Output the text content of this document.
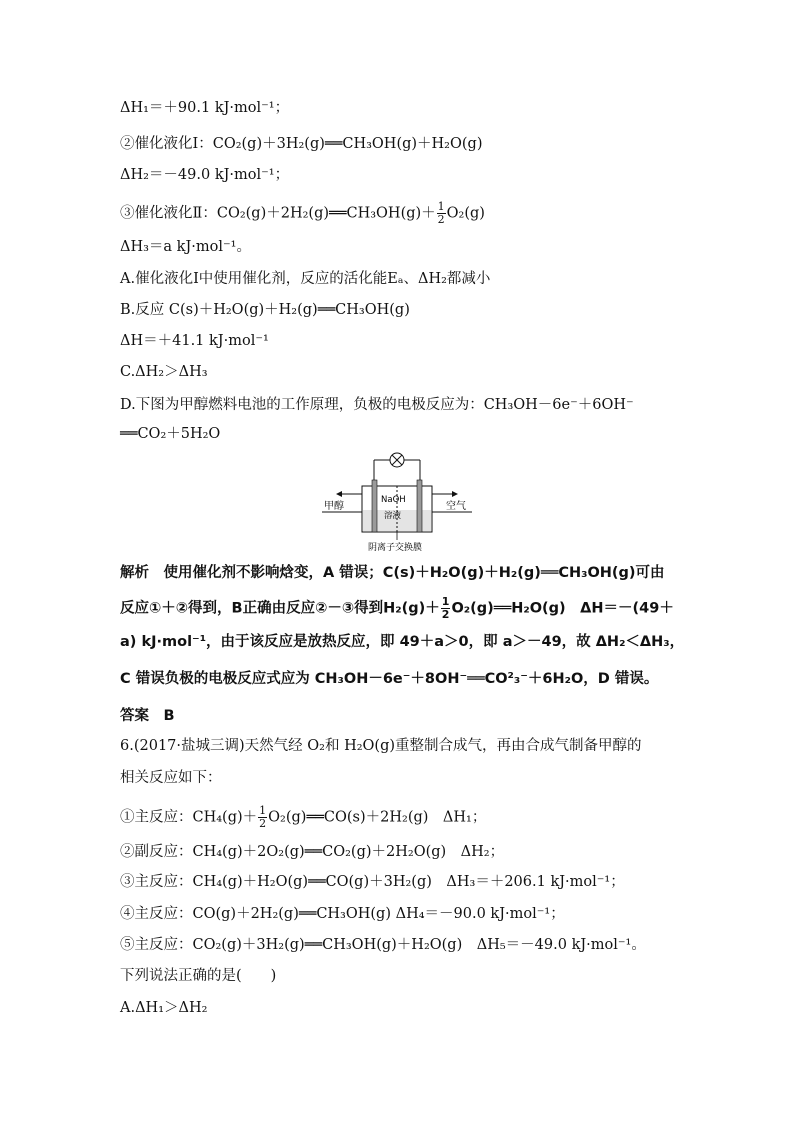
ΔH₁＝＋90.1 kJ·mol⁻¹；
②催化液化Ⅰ：CO₂(g)＋3H₂(g)══CH₃OH(g)＋H₂O(g)
ΔH₂＝－49.0 kJ·mol⁻¹；
③催化液化Ⅱ：CO₂(g)＋2H₂(g)══CH₃OH(g)＋ $\frac{1}{2} O_2(g)$
ΔH₃＝a kJ·mol⁻¹。
A.催化液化Ⅰ中使用催化剂，反应的活化能Eₐ、ΔH₂都减小
B.反应 C(s)＋H₂O(g)＋H₂(g)══CH₃OH(g)
ΔH＝＋41.1 kJ·mol⁻¹
C.ΔH₂＞ΔH₃
D.下图为甲醇燃料电池的工作原理，负极的电极反应为：CH₃OH－6e⁻＋6OH⁻
══CO₂＋5H₂O
甲醇	空气
NaOH
溶液
阴离子交换膜
解析　使用催化剂不影响焓变，A 错误；C(s)＋H₂O(g)＋H₂(g)══CH₃OH(g)可由
反应①＋②得到，B正确由反应②－③得到$H_2(g)+ \frac{1}{2}$ O₂(g)══H₂O(g)　ΔH＝－(49＋
a) kJ·mol⁻¹，由于该反应是放热反应，即 49＋a＞0，即 a＞－49，故 ΔH₂＜ΔH₃，
C 错误负极的电极反应式应为 CH₃OH－6e⁻＋8OH⁻══CO²₃⁻＋6H₂O，D 错误。
答案　B
6.(2017·盐城三调)天然气经 O₂和 H₂O(g)重整制合成气，再由合成气制备甲醇的
相关反应如下：
①主反应：$CH_4(g)+ \frac{1}{2}$ O₂(g)══CO(s)＋2H₂(g)　ΔH₁；
②副反应：CH₄(g)＋2O₂(g)══CO₂(g)＋2H₂O(g)　ΔH₂；
③主反应：CH₄(g)＋H₂O(g)══CO(g)＋3H₂(g)　ΔH₃＝＋206.1 kJ·mol⁻¹；
④主反应：CO(g)＋2H₂(g)══CH₃OH(g) ΔH₄＝－90.0 kJ·mol⁻¹；
⑤主反应：CO₂(g)＋3H₂(g)══CH₃OH(g)＋H₂O(g)　ΔH₅＝－49.0 kJ·mol⁻¹。
下列说法正确的是(　　)
A.ΔH₁＞ΔH₂
